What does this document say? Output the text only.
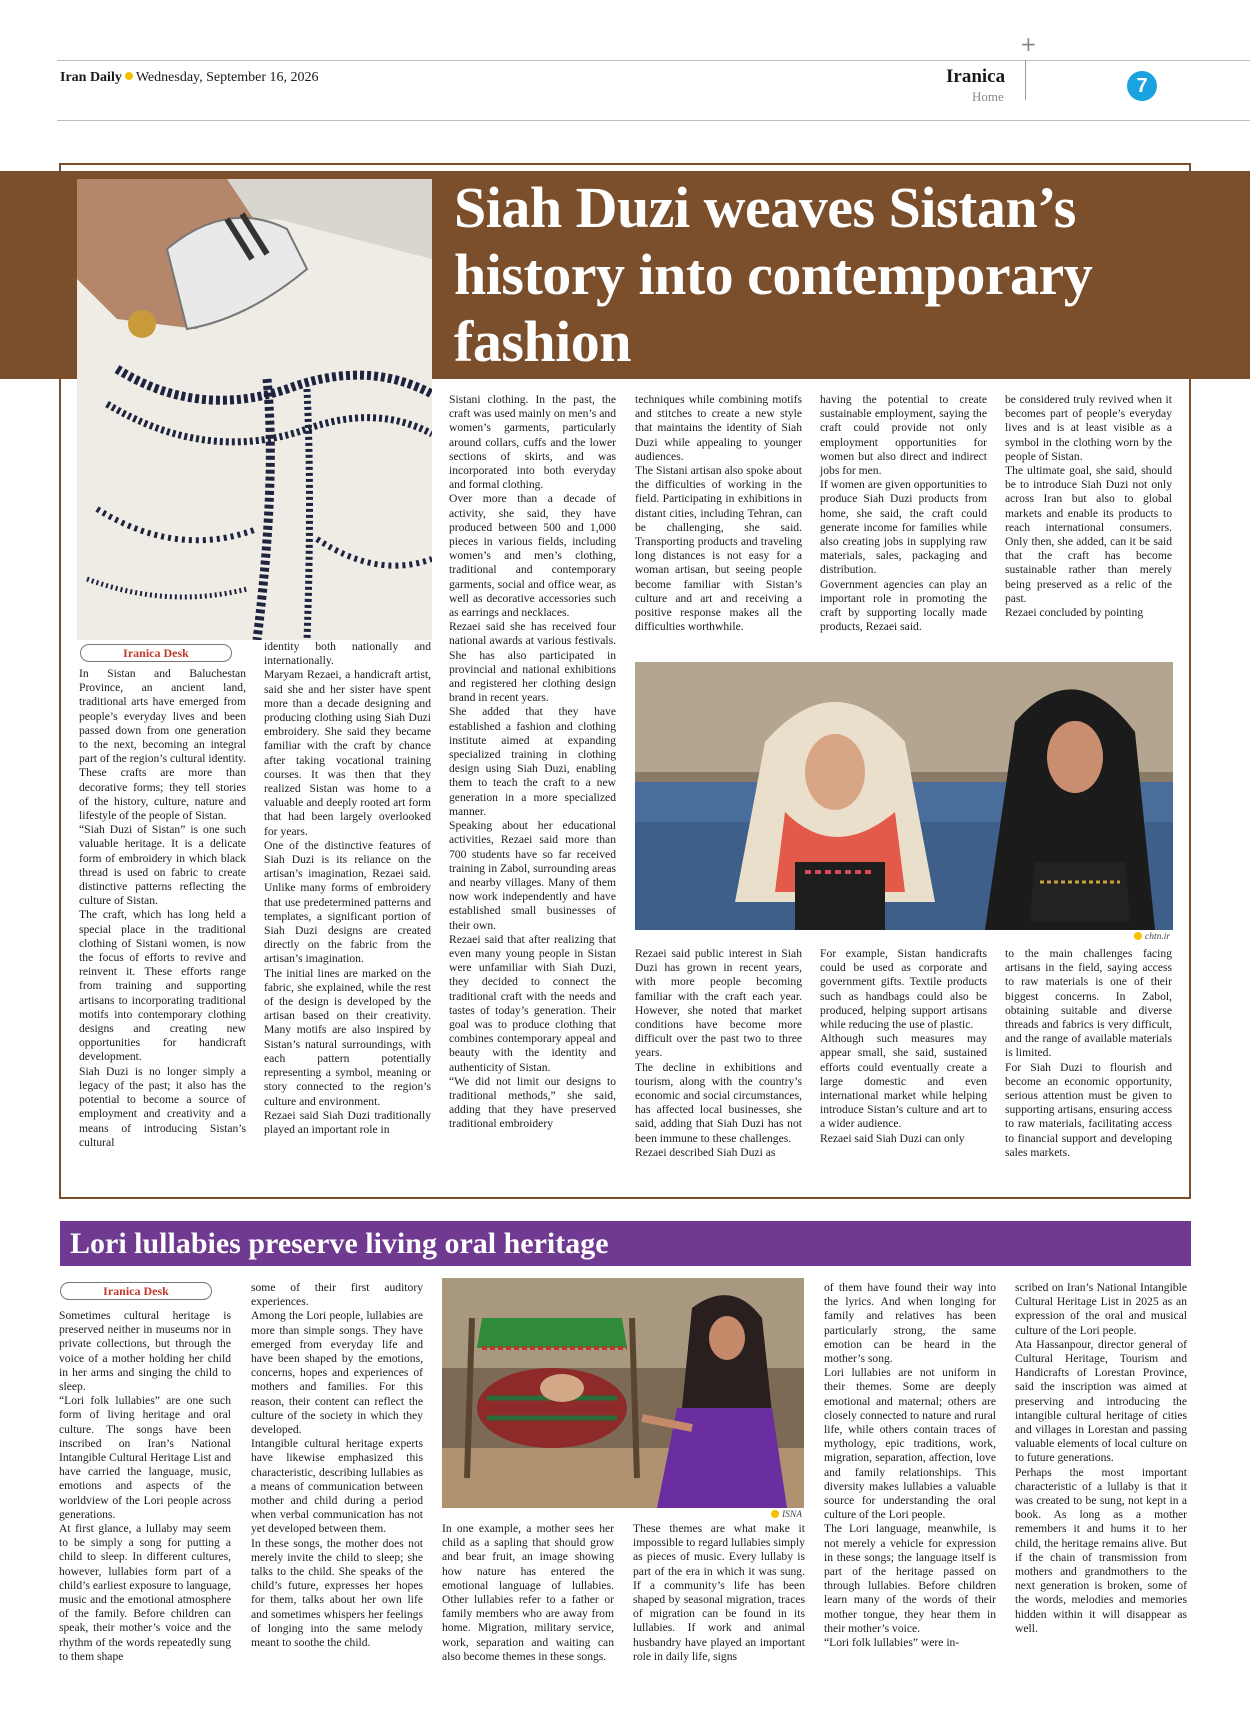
+
Iran Daily Wednesday, September 16, 2026	Iranica
Home	7
Siah Duzi weaves Sistan’s history into contemporary fashion
Iranica Desk

In Sistan and Baluchestan Province, an ancient land, traditional arts have emerged from people’s everyday lives and been passed down from one generation to the next, becoming an integral part of the region’s cultural identity. These crafts are more than decorative forms; they tell stories of the history, culture, nature and lifestyle of the people of Sistan.
“Siah Duzi of Sistan” is one such valuable heritage. It is a delicate form of embroidery in which black thread is used on fabric to create distinctive patterns reflecting the culture of Sistan.
The craft, which has long held a special place in the traditional clothing of Sistani women, is now the focus of efforts to revive and reinvent it. These efforts range from training and supporting artisans to incorporating traditional motifs into contemporary clothing designs and creating new opportunities for handicraft development.
Siah Duzi is no longer simply a legacy of the past; it also has the potential to become a source of employment and creativity and a means of introducing Sistan’s cultural

identity both nationally and internationally.
Maryam Rezaei, a handicraft artist, said she and her sister have spent more than a decade designing and producing clothing using Siah Duzi embroidery. She said they became familiar with the craft by chance after taking vocational training courses. It was then that they realized Sistan was home to a valuable and deeply rooted art form that had been largely overlooked for years.
One of the distinctive features of Siah Duzi is its reliance on the artisan’s imagination, Rezaei said. Unlike many forms of embroidery that use predetermined patterns and templates, a significant portion of Siah Duzi designs are created directly on the fabric from the artisan’s imagination.
The initial lines are marked on the fabric, she explained, while the rest of the design is developed by the artisan based on their creativity. Many motifs are also inspired by Sistan’s natural surroundings, with each pattern potentially representing a symbol, meaning or story connected to the region’s culture and environment.
Rezaei said Siah Duzi traditionally played an important role in

Sistani clothing. In the past, the craft was used mainly on men’s and women’s garments, particularly around collars, cuffs and the lower sections of skirts, and was incorporated into both everyday and formal clothing.
Over more than a decade of activity, she said, they have produced between 500 and 1,000 pieces in various fields, including women’s and men’s clothing, traditional and contemporary garments, social and office wear, as well as decorative accessories such as earrings and necklaces.
Rezaei said she has received four national awards at various festivals. She has also participated in provincial and national exhibitions and registered her clothing design brand in recent years.
She added that they have established a fashion and clothing institute aimed at expanding specialized training in clothing design using Siah Duzi, enabling them to teach the craft to a new generation in a more specialized manner.
Speaking about her educational activities, Rezaei said more than 700 students have so far received training in Zabol, surrounding areas and nearby villages. Many of them now work independently and have established small businesses of their own.
Rezaei said that after realizing that even many young people in Sistan were unfamiliar with Siah Duzi, they decided to connect the traditional craft with the needs and tastes of today’s generation. Their goal was to produce clothing that combines contemporary appeal and beauty with the identity and authenticity of Sistan.
“We did not limit our designs to traditional methods,” she said, adding that they have preserved traditional embroidery

techniques while combining motifs and stitches to create a new style that maintains the identity of Siah Duzi while appealing to younger audiences.
The Sistani artisan also spoke about the difficulties of working in the field. Participating in exhibitions in distant cities, including Tehran, can be challenging, she said. Transporting products and traveling long distances is not easy for a woman artisan, but seeing people become familiar with Sistan’s culture and art and receiving a positive response makes all the difficulties worthwhile.

having the potential to create sustainable employment, saying the craft could provide not only employment opportunities for women but also direct and indirect jobs for men.
If women are given opportunities to produce Siah Duzi products from home, she said, the craft could generate income for families while also creating jobs in supplying raw materials, sales, packaging and distribution.
Government agencies can play an important role in promoting the craft by supporting locally made products, Rezaei said.

be considered truly revived when it becomes part of people’s everyday lives and is at least visible as a symbol in the clothing worn by the people of Sistan.
The ultimate goal, she said, should be to introduce Siah Duzi not only across Iran but also to global markets and enable its products to reach international consumers. Only then, she added, can it be said that the craft has become sustainable rather than merely being preserved as a relic of the past.
Rezaei concluded by pointing

chtn.ir

Rezaei said public interest in Siah Duzi has grown in recent years, with more people becoming familiar with the craft each year. However, she noted that market conditions have become more difficult over the past two to three years.
The decline in exhibitions and tourism, along with the country’s economic and social circumstances, has affected local businesses, she said, adding that Siah Duzi has not been immune to these challenges.
Rezaei described Siah Duzi as

For example, Sistan handicrafts could be used as corporate and government gifts. Textile products such as handbags could also be produced, helping support artisans while reducing the use of plastic.
Although such measures may appear small, she said, sustained efforts could eventually create a large domestic and even international market while helping introduce Sistan’s culture and art to a wider audience.
Rezaei said Siah Duzi can only

to the main challenges facing artisans in the field, saying access to raw materials is one of their biggest concerns. In Zabol, obtaining suitable and diverse threads and fabrics is very difficult, and the range of available materials is limited.
For Siah Duzi to flourish and become an economic opportunity, serious attention must be given to supporting artisans, ensuring access to raw materials, facilitating access to financial support and developing sales markets.

Lori lullabies preserve living oral heritage
Iranica Desk

Sometimes cultural heritage is preserved neither in museums nor in private collections, but through the voice of a mother holding her child in her arms and singing the child to sleep.
“Lori folk lullabies” are one such form of living heritage and oral culture. The songs have been inscribed on Iran’s National Intangible Cultural Heritage List and have carried the language, music, emotions and aspects of the worldview of the Lori people across generations.
At first glance, a lullaby may seem to be simply a song for putting a child to sleep. In different cultures, however, lullabies form part of a child’s earliest exposure to language, music and the emotional atmosphere of the family. Before children can speak, their mother’s voice and the rhythm of the words repeatedly sung to them shape

some of their first auditory experiences.
Among the Lori people, lullabies are more than simple songs. They have emerged from everyday life and have been shaped by the emotions, concerns, hopes and experiences of mothers and families. For this reason, their content can reflect the culture of the society in which they developed.
Intangible cultural heritage experts have likewise emphasized this characteristic, describing lullabies as a means of communication between mother and child during a period when verbal communication has not yet developed between them.
In these songs, the mother does not merely invite the child to sleep; she talks to the child. She speaks of the child’s future, expresses her hopes for them, talks about her own life and sometimes whispers her feelings of longing into the same melody meant to soothe the child.

ISNA

In one example, a mother sees her child as a sapling that should grow and bear fruit, an image showing how nature has entered the emotional language of lullabies. Other lullabies refer to a father or family members who are away from home. Migration, military service, work, separation and waiting can also become themes in these songs.

These themes are what make it impossible to regard lullabies simply as pieces of music. Every lullaby is part of the era in which it was sung. If a community’s life has been shaped by seasonal migration, traces of migration can be found in its lullabies. If work and animal husbandry have played an important role in daily life, signs

of them have found their way into the lyrics. And when longing for family and relatives has been particularly strong, the same emotion can be heard in the mother’s song.
Lori lullabies are not uniform in their themes. Some are deeply emotional and maternal; others are closely connected to nature and rural life, while others contain traces of mythology, epic traditions, work, migration, separation, affection, love and family relationships. This diversity makes lullabies a valuable source for understanding the oral culture of the Lori people.
The Lori language, meanwhile, is not merely a vehicle for expression in these songs; the language itself is part of the heritage passed on through lullabies. Before children learn many of the words of their mother tongue, they hear them in their mother’s voice.
“Lori folk lullabies” were in-

scribed on Iran’s National Intangible Cultural Heritage List in 2025 as an expression of the oral and musical culture of the Lori people.
Ata Hassanpour, director general of Cultural Heritage, Tourism and Handicrafts of Lorestan Province, said the inscription was aimed at preserving and introducing the intangible cultural heritage of cities and villages in Lorestan and passing valuable elements of local culture on to future generations.
Perhaps the most important characteristic of a lullaby is that it was created to be sung, not kept in a book. As long as a mother remembers it and hums it to her child, the heritage remains alive. But if the chain of transmission from mothers and grandmothers to the next generation is broken, some of the words, melodies and memories hidden within it will disappear as well.
